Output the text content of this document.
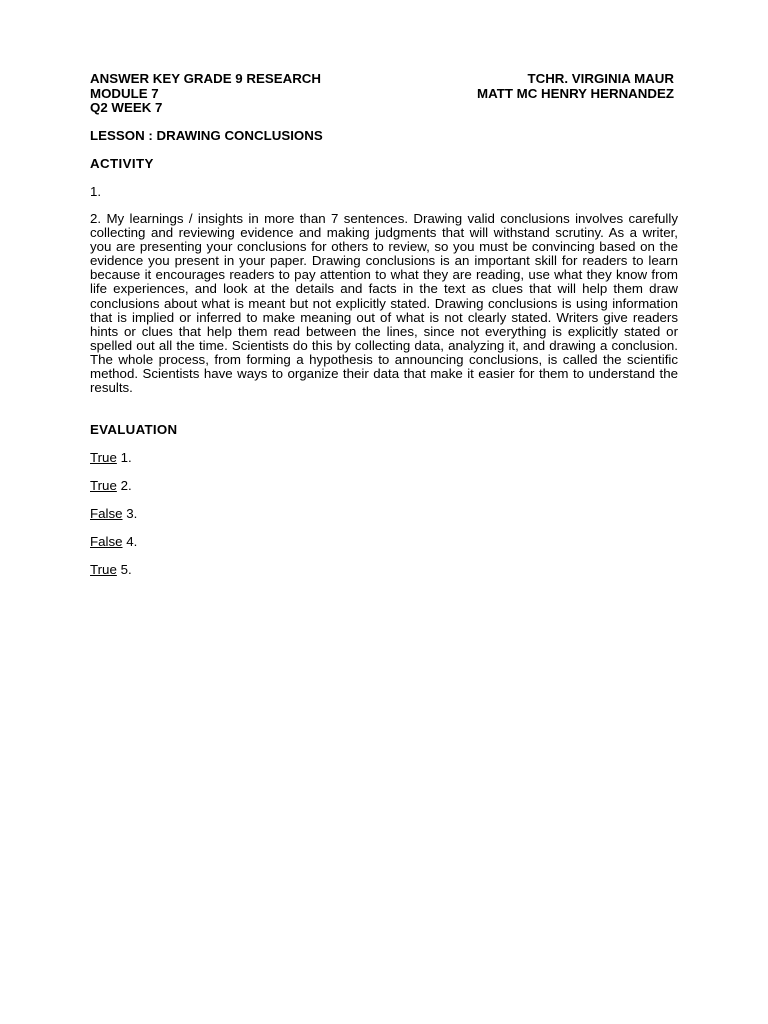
ANSWER KEY GRADE 9 RESEARCH	TCHR. VIRGINIA MAUR
MODULE 7	MATT MC HENRY HERNANDEZ
Q2 WEEK 7
LESSON : DRAWING CONCLUSIONS
ACTIVITY
1.

2. My learnings / insights in more than 7 sentences. Drawing valid conclusions involves carefully collecting and reviewing evidence and making judgments that will withstand scrutiny. As a writer, you are presenting your conclusions for others to review, so you must be convincing based on the evidence you present in your paper. Drawing conclusions is an important skill for readers to learn because it encourages readers to pay attention to what they are reading, use what they know from life experiences, and look at the details and facts in the text as clues that will help them draw conclusions about what is meant but not explicitly stated. Drawing conclusions is using information that is implied or inferred to make meaning out of what is not clearly stated. Writers give readers hints or clues that help them read between the lines, since not everything is explicitly stated or spelled out all the time. Scientists do this by collecting data, analyzing it, and drawing a conclusion. The whole process, from forming a hypothesis to announcing conclusions, is called the scientific method. Scientists have ways to organize their data that make it easier for them to understand the results.

EVALUATION
True 1.
True 2.
False 3.
False 4.
True 5.
